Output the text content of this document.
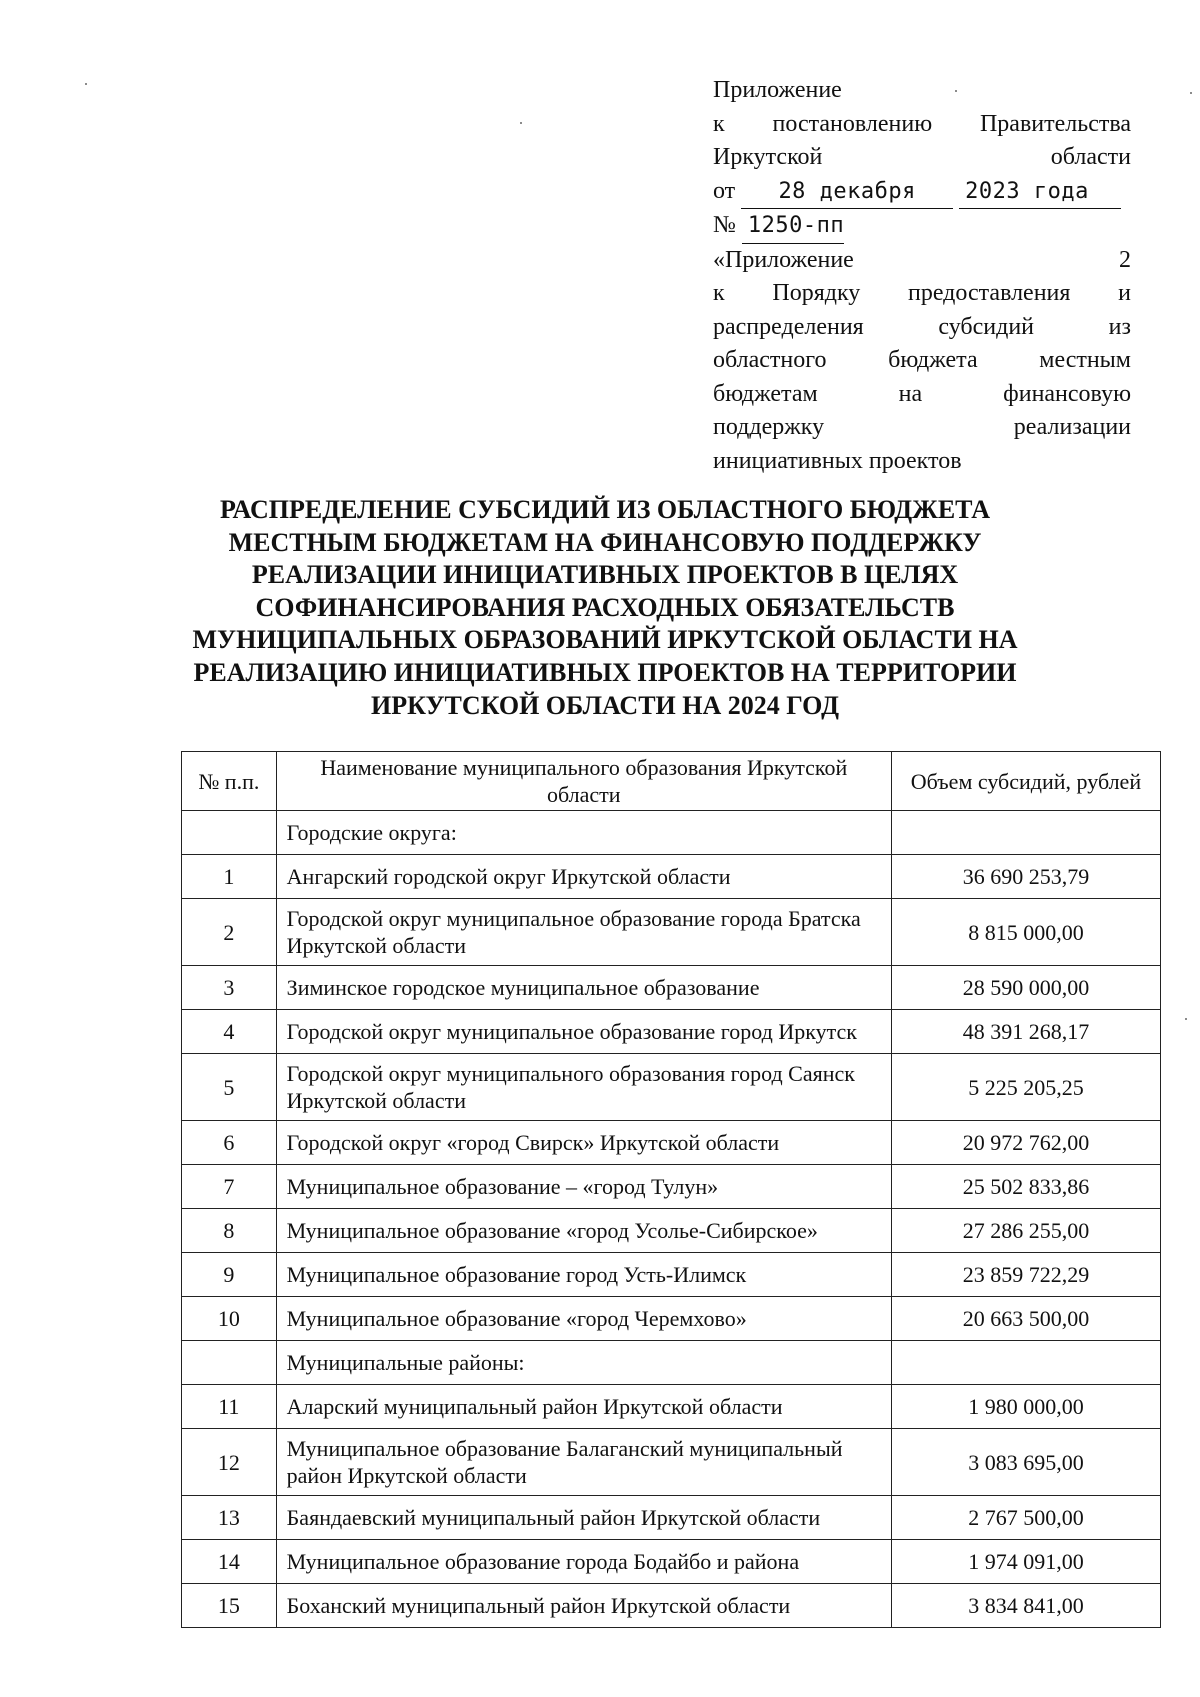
Приложение
к постановлению Правительства
Иркутской области
от 28 декабря 2023 года
№ 1250-пп
«Приложение 2
к Порядку предоставления и
распределения субсидий из
областного бюджета местным
бюджетам на финансовую
поддержку реализации
инициативных проектов
РАСПРЕДЕЛЕНИЕ СУБСИДИЙ ИЗ ОБЛАСТНОГО БЮДЖЕТА
МЕСТНЫМ БЮДЖЕТАМ НА ФИНАНСОВУЮ ПОДДЕРЖКУ
РЕАЛИЗАЦИИ ИНИЦИАТИВНЫХ ПРОЕКТОВ В ЦЕЛЯХ
СОФИНАНСИРОВАНИЯ РАСХОДНЫХ ОБЯЗАТЕЛЬСТВ
МУНИЦИПАЛЬНЫХ ОБРАЗОВАНИЙ ИРКУТСКОЙ ОБЛАСТИ НА
РЕАЛИЗАЦИЮ ИНИЦИАТИВНЫХ ПРОЕКТОВ НА ТЕРРИТОРИИ
ИРКУТСКОЙ ОБЛАСТИ НА 2024 ГОД
№ п.п.	Наименование муниципального образования Иркутской области	Объем субсидий, рублей
	Городские округа:	
1	Ангарский городской округ Иркутской области	36 690 253,79
2	Городской округ муниципальное образование города Братска Иркутской области	8 815 000,00
3	Зиминское городское муниципальное образование	28 590 000,00
4	Городской округ муниципальное образование город Иркутск	48 391 268,17
5	Городской округ муниципального образования город Саянск Иркутской области	5 225 205,25
6	Городской округ «город Свирск» Иркутской области	20 972 762,00
7	Муниципальное образование – «город Тулун»	25 502 833,86
8	Муниципальное образование «город Усолье-Сибирское»	27 286 255,00
9	Муниципальное образование город Усть-Илимск	23 859 722,29
10	Муниципальное образование «город Черемхово»	20 663 500,00
	Муниципальные районы:	
11	Аларский муниципальный район Иркутской области	1 980 000,00
12	Муниципальное образование Балаганский муниципальный район Иркутской области	3 083 695,00
13	Баяндаевский муниципальный район Иркутской области	2 767 500,00
14	Муниципальное образование города Бодайбо и района	1 974 091,00
15	Боханский муниципальный район Иркутской области	3 834 841,00
